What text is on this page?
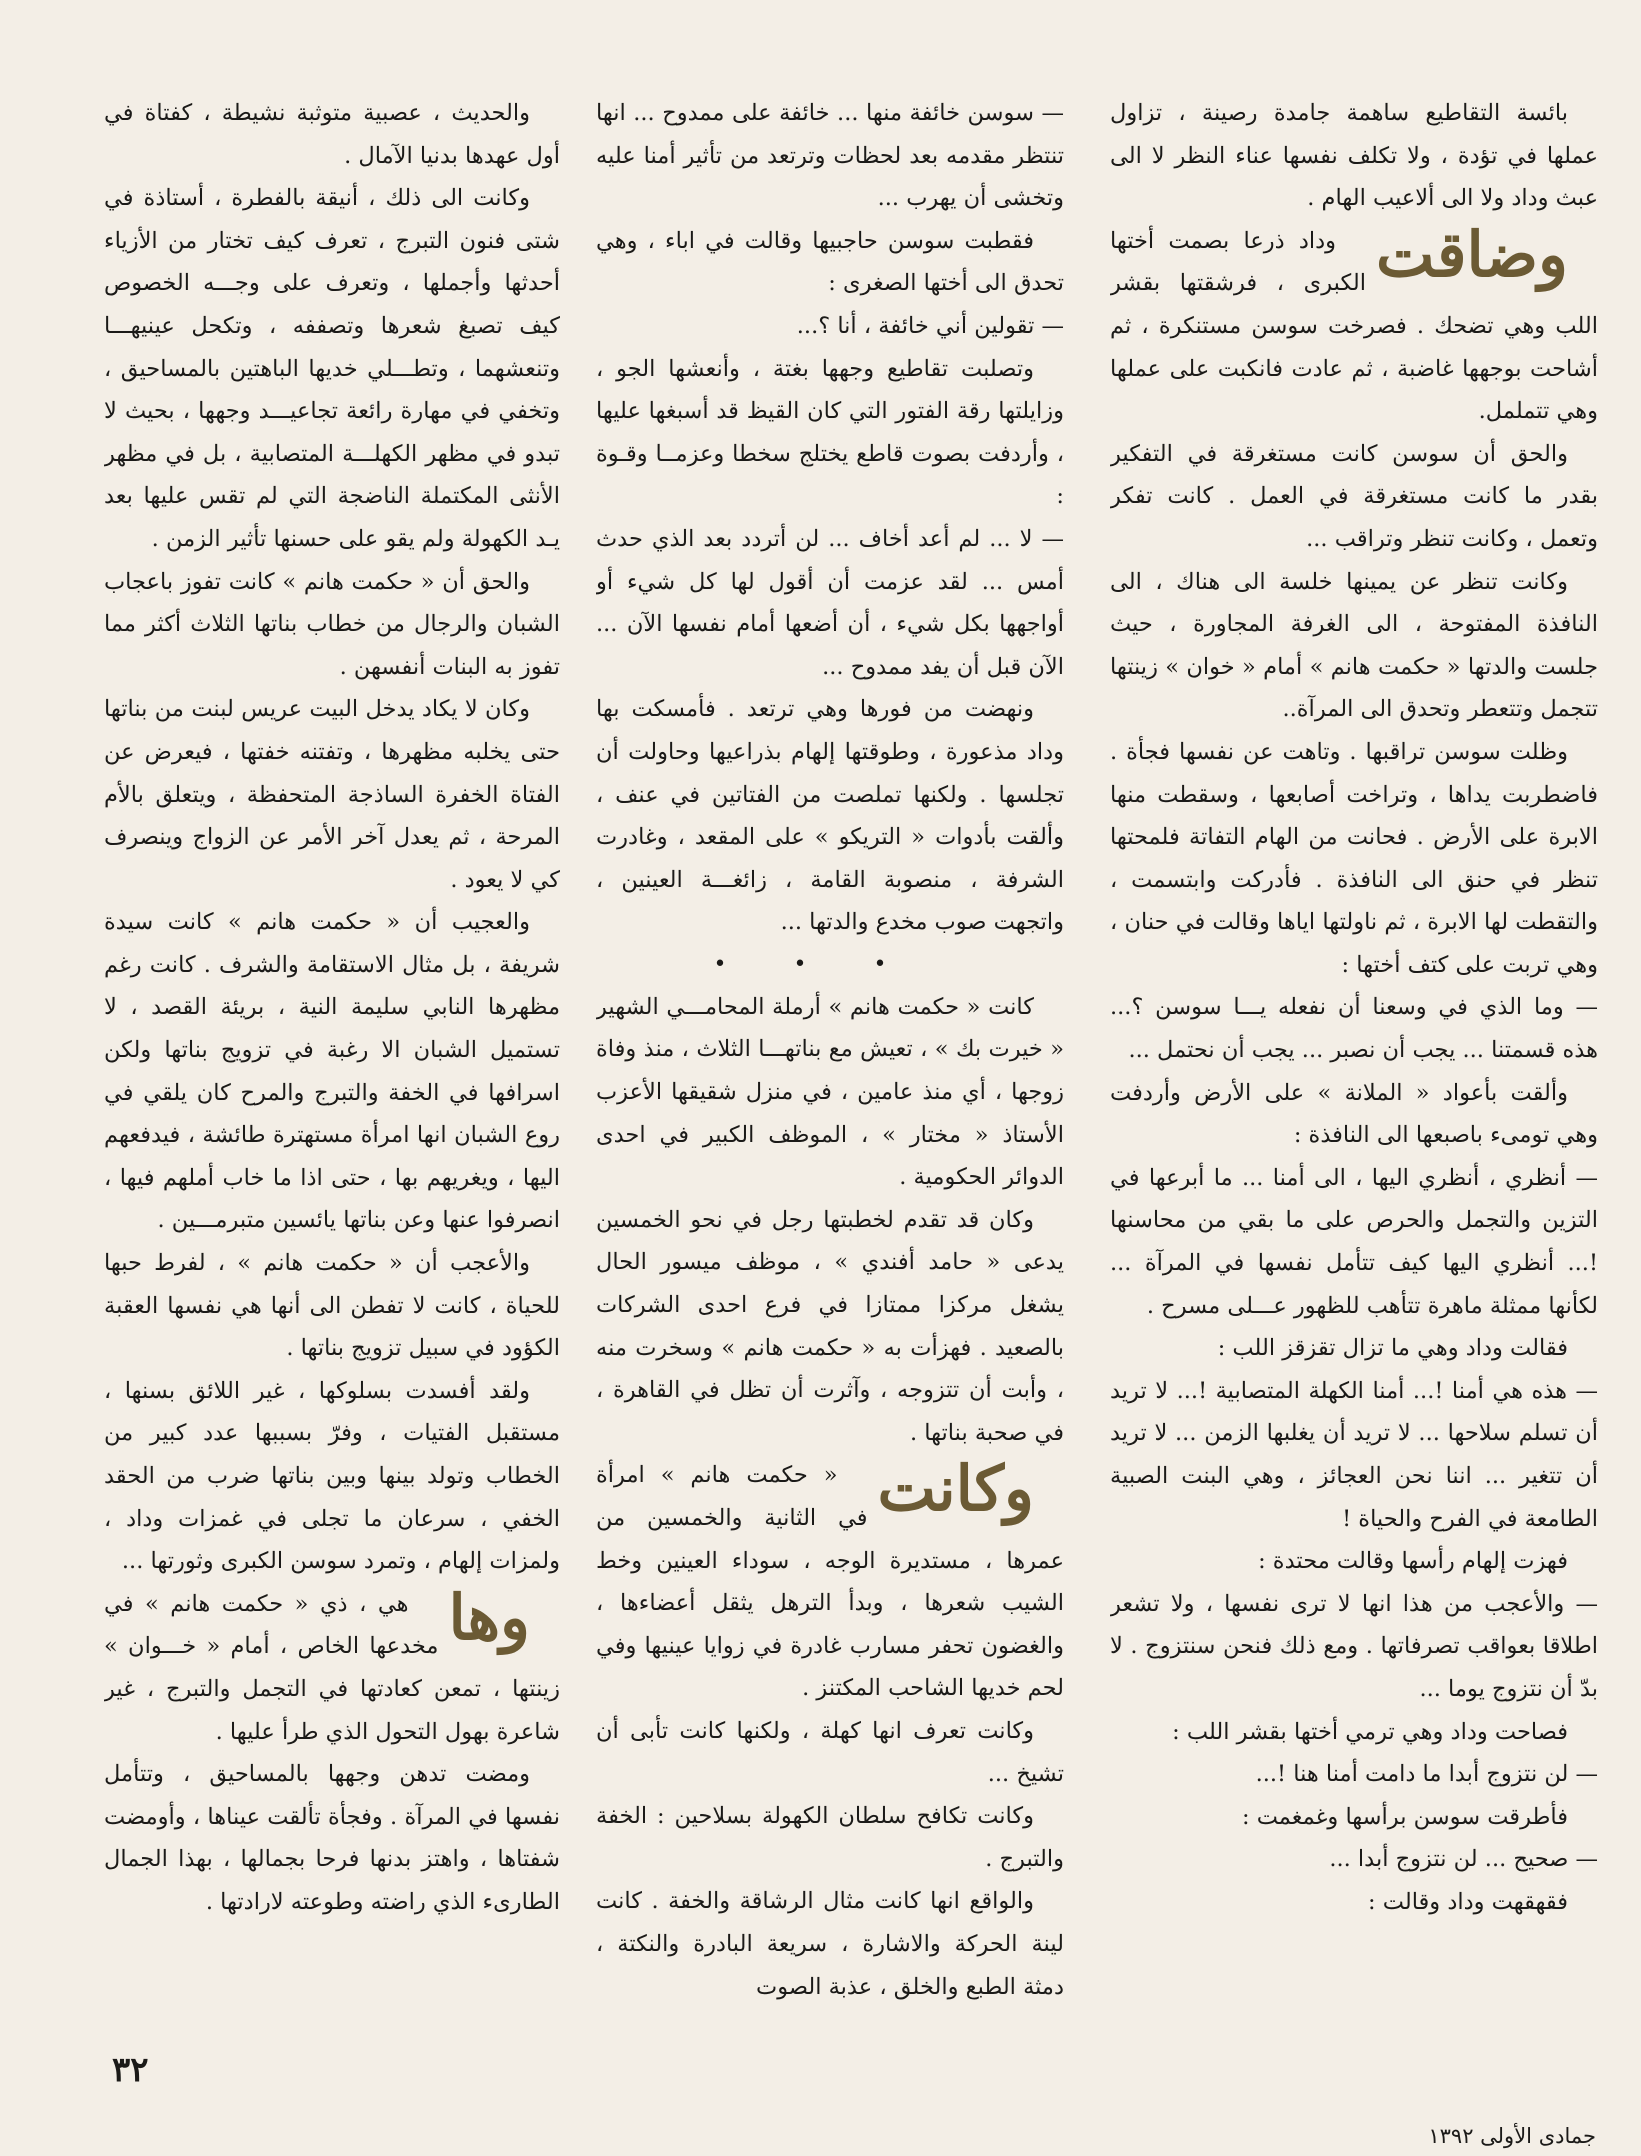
بائسة التقاطيع ساهمة جامدة رصينة ، تزاول عملها في تؤدة ، ولا تكلف نفسها عناء النظر لا الى عبث وداد ولا الى ألاعيب الهام .

وضاقت
وداد ذرعا بصمت أختها الكبرى ، فرشقتها بقشر اللب وهي تضحك . فصرخت سوسن مستنكرة ، ثم أشاحت بوجهها غاضبة ، ثم عادت فانكبت على عملها وهي تتململ.

والحق أن سوسن كانت مستغرقة في التفكير بقدر ما كانت مستغرقة في العمل . كانت تفكر وتعمل ، وكانت تنظر وتراقب ...

وكانت تنظر عن يمينها خلسة الى هناك ، الى النافذة المفتوحة ، الى الغرفة المجاورة ، حيث جلست والدتها « حكمت هانم » أمام « خوان » زينتها تتجمل وتتعطر وتحدق الى المرآة..

وظلت سوسن تراقبها . وتاهت عن نفسها فجأة . فاضطربت يداها ، وتراخت أصابعها ، وسقطت منها الابرة على الأرض . فحانت من الهام التفاتة فلمحتها تنظر في حنق الى النافذة . فأدركت وابتسمت ، والتقطت لها الابرة ، ثم ناولتها اياها وقالت في حنان ، وهي تربت على كتف أختها :

— وما الذي في وسعنا أن نفعله يـــا سوسن ؟... هذه قسمتنا ... يجب أن نصبر ... يجب أن نحتمل ...

وألقت بأعواد « الملانة » على الأرض وأردفت وهي تومىء باصبعها الى النافذة :

— أنظري ، أنظري اليها ، الى أمنا ... ما أبرعها في التزين والتجمل والحرص على ما بقي من محاسنها !... أنظري اليها كيف تتأمل نفسها في المرآة ... لكأنها ممثلة ماهرة تتأهب للظهور عـــلى مسرح .

فقالت وداد وهي ما تزال تقزقز اللب :

— هذه هي أمنا !... أمنا الكهلة المتصابية !... لا تريد أن تسلم سلاحها ... لا تريد أن يغلبها الزمن ... لا تريد أن تتغير ... اننا نحن العجائز ، وهي البنت الصبية الطامعة في الفرح والحياة !

فهزت إلهام رأسها وقالت محتدة :

— والأعجب من هذا انها لا ترى نفسها ، ولا تشعر اطلاقا بعواقب تصرفاتها . ومع ذلك فنحن سنتزوج . لا بدّ أن نتزوج يوما ...

فصاحت وداد وهي ترمي أختها بقشر اللب :

— لن نتزوج أبدا ما دامت أمنا هنا !...

فأطرقت سوسن برأسها وغمغمت :

— صحيح ... لن نتزوج أبدا ...

فقهقهت وداد وقالت :

— سوسن خائفة منها ... خائفة على ممدوح ... انها تنتظر مقدمه بعد لحظات وترتعد من تأثير أمنا عليه وتخشى أن يهرب ...

فقطبت سوسن حاجبيها وقالت في اباء ، وهي تحدق الى أختها الصغرى :

— تقولين أني خائفة ، أنا ؟...

وتصلبت تقاطيع وجهها بغتة ، وأنعشها الجو ، وزايلتها رقة الفتور التي كان القيظ قد أسبغها عليها ، وأردفت بصوت قاطع يختلج سخطا وعزمــا وقـوة :

— لا ... لم أعد أخاف ... لن أتردد بعد الذي حدث أمس ... لقد عزمت أن أقول لها كل شيء أو أواجهها بكل شيء ، أن أضعها أمام نفسها الآن ... الآن قبل أن يفد ممدوح ...

ونهضت من فورها وهي ترتعد . فأمسكت بها وداد مذعورة ، وطوقتها إلهام بذراعيها وحاولت أن تجلسها . ولكنها تملصت من الفتاتين في عنف ، وألقت بأدوات « التريكو » على المقعد ، وغادرت الشرفة ، منصوبة القامة ، زائغـــة العينين ، واتجهت صوب مخدع والدتها ...

• • •

كانت « حكمت هانم » أرملة المحامـــي الشهير « خيرت بك » ، تعيش مع بناتهـــا الثلاث ، منذ وفاة زوجها ، أي منذ عامين ، في منزل شقيقها الأعزب الأستاذ « مختار » ، الموظف الكبير في احدى الدوائر الحكومية .

وكان قد تقدم لخطبتها رجل في نحو الخمسين يدعى « حامد أفندي » ، موظف ميسور الحال يشغل مركزا ممتازا في فرع احدى الشركات بالصعيد . فهزأت به « حكمت هانم » وسخرت منه ، وأبت أن تتزوجه ، وآثرت أن تظل في القاهرة ، في صحبة بناتها .

وكانت
« حكمت هانم » امرأة في الثانية والخمسين من عمرها ، مستديرة الوجه ، سوداء العينين وخط الشيب شعرها ، وبدأ الترهل يثقل أعضاءها ، والغضون تحفر مسارب غادرة في زوايا عينيها وفي لحم خديها الشاحب المكتنز .

وكانت تعرف انها كهلة ، ولكنها كانت تأبى أن تشيخ ...

وكانت تكافح سلطان الكهولة بسلاحين : الخفة والتبرج .

والواقع انها كانت مثال الرشاقة والخفة . كانت لينة الحركة والاشارة ، سريعة البادرة والنكتة ، دمثة الطبع والخلق ، عذبة الصوت

والحديث ، عصبية متوثبة نشيطة ، كفتاة في أول عهدها بدنيا الآمال .

وكانت الى ذلك ، أنيقة بالفطرة ، أستاذة في شتى فنون التبرج ، تعرف كيف تختار من الأزياء أحدثها وأجملها ، وتعرف على وجـــه الخصوص كيف تصبغ شعرها وتصففه ، وتكحل عينيهـــا وتنعشهما ، وتطـــلي خديها الباهتين بالمساحيق ، وتخفي في مهارة رائعة تجاعيـــد وجهها ، بحيث لا تبدو في مظهر الكهلـــة المتصابية ، بل في مظهر الأنثى المكتملة الناضجة التي لم تقس عليها بعد يـد الكهولة ولم يقو على حسنها تأثير الزمن .

والحق أن « حكمت هانم » كانت تفوز باعجاب الشبان والرجال من خطاب بناتها الثلاث أكثر مما تفوز به البنات أنفسهن .

وكان لا يكاد يدخل البيت عريس لبنت من بناتها حتى يخلبه مظهرها ، وتفتنه خفتها ، فيعرض عن الفتاة الخفرة الساذجة المتحفظة ، ويتعلق بالأم المرحة ، ثم يعدل آخر الأمر عن الزواج وينصرف كي لا يعود .

والعجيب أن « حكمت هانم » كانت سيدة شريفة ، بل مثال الاستقامة والشرف . كانت رغم مظهرها النابي سليمة النية ، بريئة القصد ، لا تستميل الشبان الا رغبة في تزويج بناتها ولكن اسرافها في الخفة والتبرج والمرح كان يلقي في روع الشبان انها امرأة مستهترة طائشة ، فيدفعهم اليها ، ويغريهم بها ، حتى اذا ما خاب أملهم فيها ، انصرفوا عنها وعن بناتها يائسين متبرمـــين .

والأعجب أن « حكمت هانم » ، لفرط حبها للحياة ، كانت لا تفطن الى أنها هي نفسها العقبة الكؤود في سبيل تزويج بناتها .

ولقد أفسدت بسلوكها ، غير اللائق بسنها ، مستقبل الفتيات ، وفرّ بسببها عدد كبير من الخطاب وتولد بينها وبين بناتها ضرب من الحقد الخفي ، سرعان ما تجلى في غمزات وداد ، ولمزات إلهام ، وتمرد سوسن الكبرى وثورتها ...

وها
هي ، ذي « حكمت هانم » في مخدعها الخاص ، أمام « خـــوان » زينتها ، تمعن كعادتها في التجمل والتبرج ، غير شاعرة بهول التحول الذي طرأ عليها .

ومضت تدهن وجهها بالمساحيق ، وتتأمل نفسها في المرآة . وفجأة تألقت عيناها ، وأومضت شفتاها ، واهتز بدنها فرحا بجمالها ، بهذا الجمال الطارىء الذي راضته وطوعته لارادتها .

٣٢
جمادى الأولى ١٣٩٢
